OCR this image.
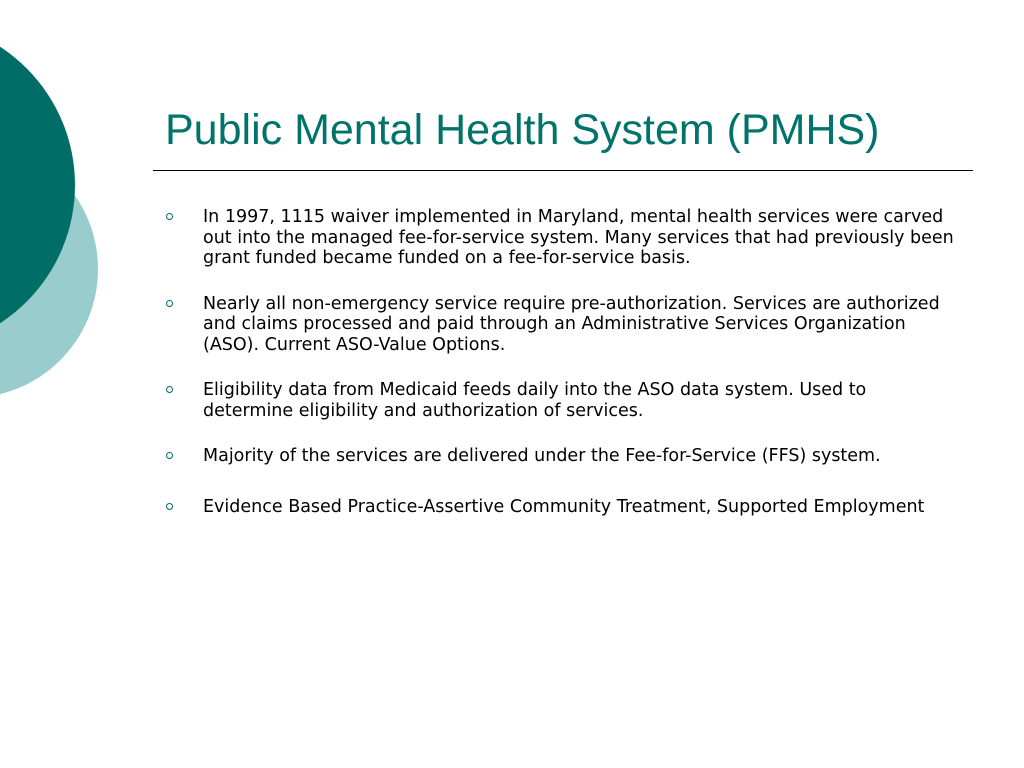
Public Mental Health System (PMHS)
In 1997, 1115 waiver implemented in Maryland, mental health services were carved out into the managed fee-for-service system. Many services that had previously been grant funded became funded on a fee-for-service basis.
Nearly all non-emergency service require pre-authorization. Services are authorized and claims processed and paid through an Administrative Services Organization (ASO). Current ASO-Value Options.
Eligibility data from Medicaid feeds daily into the ASO data system. Used to determine eligibility and authorization of services.
Majority of the services are delivered under the Fee-for-Service (FFS) system.
Evidence Based Practice-Assertive Community Treatment, Supported Employment
